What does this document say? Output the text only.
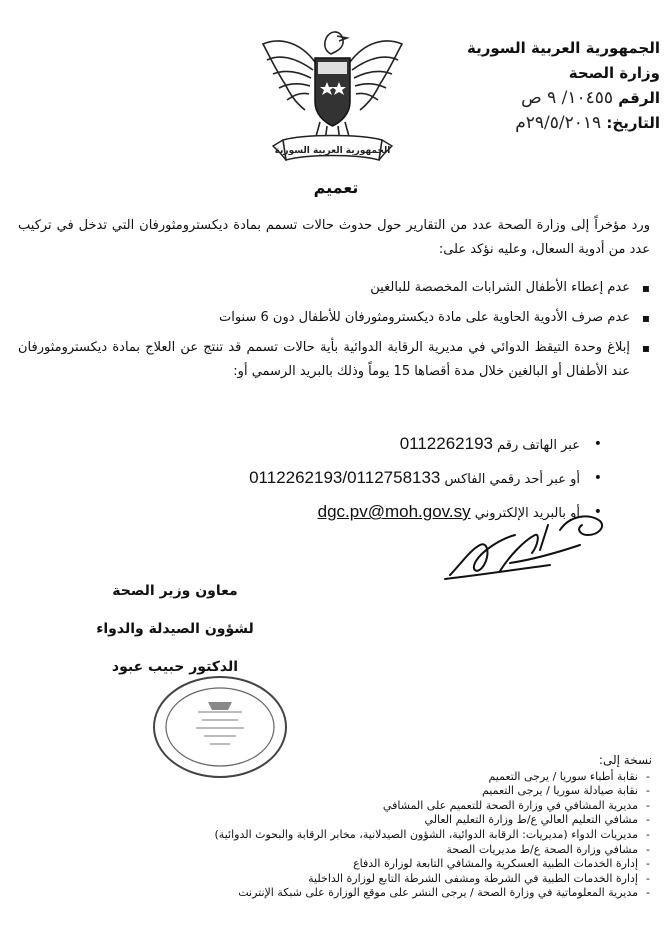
الجمهورية العربية السورية
وزارة الصحة
الرقم ١٠٤٥٥/ ٩ ص
التاريخ: ٢٩/٥/٢٠١٩م
الجمهورية العربية السورية
تعميم
ورد مؤخراً إلى وزارة الصحة عدد من التقارير حول حدوث حالات تسمم بمادة ديكسترومثورفان التي تدخل في تركيب عدد من أدوية السعال، وعليه نؤكد على:
▪ عدم إعطاء الأطفال الشرابات المخصصة للبالغين
▪ عدم صرف الأدوية الحاوية على مادة ديكسترومثورفان للأطفال دون 6 سنوات
▪ إبلاغ وحدة التيقظ الدوائي في مديرية الرقابة الدوائية بأية حالات تسمم قد تنتج عن العلاج بمادة ديكسترومثورفان عند الأطفال أو البالغين خلال مدة أقصاها 15 يوماً وذلك بالبريد الرسمي أو:
• عبر الهاتف رقم 0112262193
• أو عبر أحد رقمي الفاكس 0112262193/0112758133
• أو بالبريد الإلكتروني dgc.pv@moh.gov.sy
معاون وزير الصحة
لشؤون الصيدلة والدواء
الدكتور حبيب عبود
نسخة إلى:
- نقابة أطباء سوريا / يرجى التعميم
- نقابة صيادلة سوريا / يرجى التعميم
- مديرية المشافي في وزارة الصحة للتعميم على المشافي
- مشافي التعليم العالي ع/ط وزارة التعليم العالي
- مديريات الدواء (مديريات: الرقابة الدوائية، الشؤون الصيدلانية، مخابر الرقابة والبحوث الدوائية)
- مشافي وزارة الصحة ع/ط مديريات الصحة
- إدارة الخدمات الطبية العسكرية والمشافي التابعة لوزارة الدفاع
- إدارة الخدمات الطبية في الشرطة ومشفى الشرطة التابع لوزارة الداخلية
- مديرية المعلوماتية في وزارة الصحة / يرجى النشر على موقع الوزارة على شبكة الإنترنت
